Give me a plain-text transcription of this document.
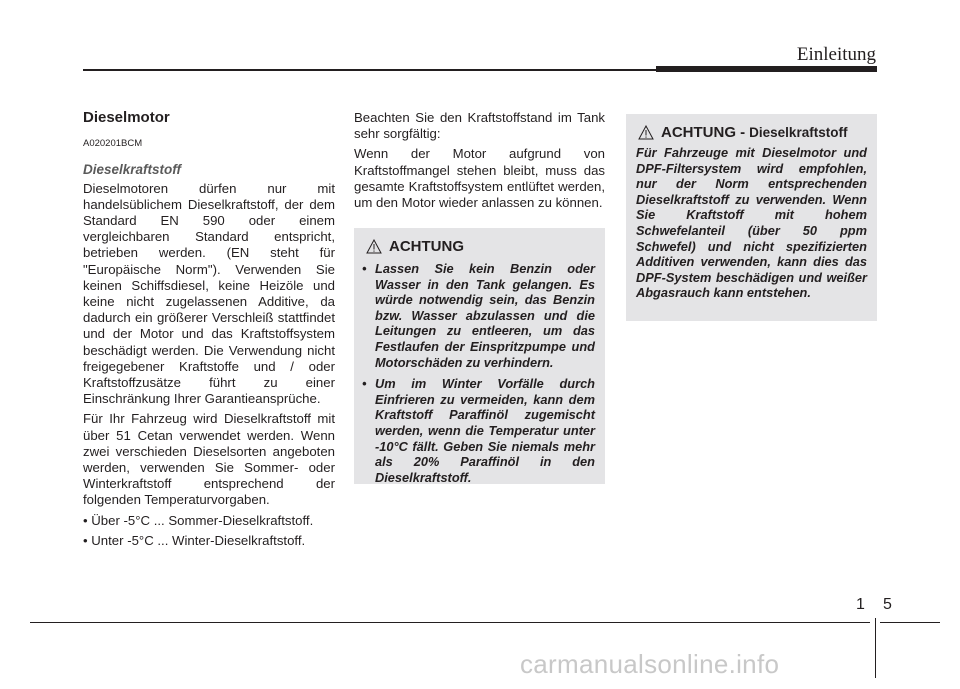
Einleitung
Dieselmotor
A020201BCM
Dieselkraftstoff

Dieselmotoren dürfen nur mit handelsüblichem Dieselkraftstoff, der dem Standard EN 590 oder einem vergleichbaren Standard entspricht, betrieben werden. (EN steht für "Europäische Norm"). Verwenden Sie keinen Schiffsdiesel, keine Heizöle und keine nicht zugelassenen Additive, da dadurch ein größerer Verschleiß stattfindet und der Motor und das Kraftstoffsystem beschädigt werden. Die Verwendung nicht freigegebener Kraftstoffe und / oder Kraftstoffzusätze führt zu einer Einschränkung Ihrer Garantieansprüche.

Für Ihr Fahrzeug wird Dieselkraftstoff mit über 51 Cetan verwendet werden. Wenn zwei verschieden Dieselsorten angeboten werden, verwenden Sie Sommer- oder Winterkraftstoff entsprechend der folgenden Temperaturvorgaben.

• Über -5°C ... Sommer-Dieselkraftstoff.
• Unter -5°C ... Winter-Dieselkraftstoff.

Beachten Sie den Kraftstoffstand im Tank sehr sorgfältig:

Wenn der Motor aufgrund von Kraftstoffmangel stehen bleibt, muss das gesamte Kraftstoffsystem entlüftet werden, um den Motor wieder anlassen zu können.

ACHTUNG
• Lassen Sie kein Benzin oder Wasser in den Tank gelangen. Es würde notwendig sein, das Benzin bzw. Wasser abzulassen und die Leitungen zu entleeren, um das Festlaufen der Einspritzpumpe und Motorschäden zu verhindern.
• Um im Winter Vorfälle durch Einfrieren zu vermeiden, kann dem Kraftstoff Paraffinöl zugemischt werden, wenn die Temperatur unter -10°C fällt. Geben Sie niemals mehr als 20% Paraffinöl in den Dieselkraftstoff.
ACHTUNG - Dieselkraftstoff
Für Fahrzeuge mit Dieselmotor und DPF-Filtersystem wird empfohlen, nur der Norm entsprechenden Dieselkraftstoff zu verwenden. Wenn Sie Kraftstoff mit hohem Schwefelanteil (über 50 ppm Schwefel) und nicht spezifizierten Additiven verwenden, kann dies das DPF-System beschädigen und weißer Abgasrauch kann entstehen.
1 5
carmanualsonline.info
